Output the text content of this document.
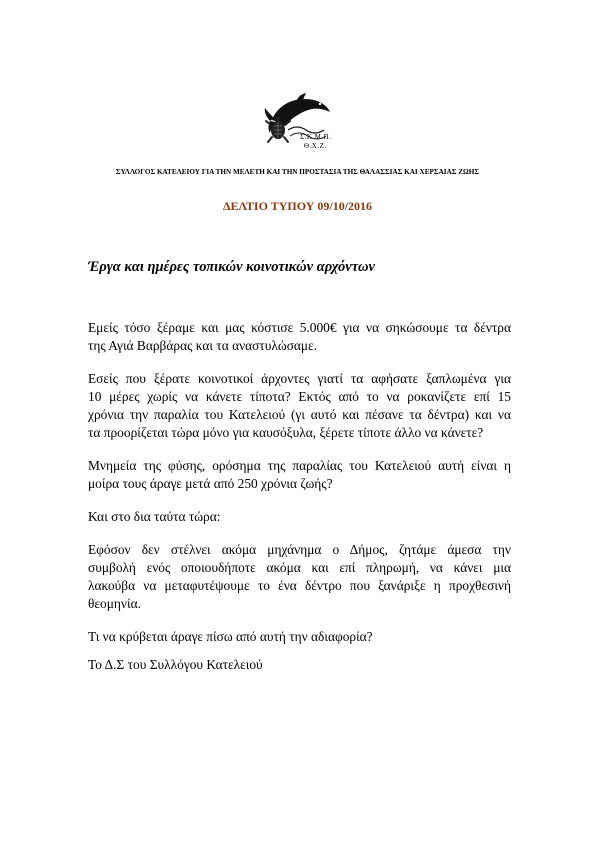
Σ.Κ.Μ.Π.
Θ.Χ.Ζ.
ΣΥΛΛΟΓΟΣ ΚΑΤΕΛΕΙΟΥ ΓΙΑ ΤΗΝ ΜΕΛΕΤΗ ΚΑΙ ΤΗΝ ΠΡΟΣΤΑΣΙΑ ΤΗΣ ΘΑΛΑΣΣΙΑΣ ΚΑΙ ΧΕΡΣΑΙΑΣ ΖΩΗΣ
ΔΕΛΤΙΟ ΤΥΠΟΥ 09/10/2016
Έργα και ημέρες τοπικών κοινοτικών αρχόντων
Εμείς τόσο ξέραμε και μας κόστισε 5.000€ για να σηκώσουμε τα δέντρα
της Αγιά Βαρβάρας και τα αναστυλώσαμε.
Εσείς που ξέρατε κοινοτικοί άρχοντες γιατί τα αφήσατε ξαπλωμένα για
10 μέρες χωρίς να κάνετε τίποτα? Εκτός από το να ροκανίζετε επί 15
χρόνια την παραλία του Κατελειού (γι αυτό και πέσανε τα δέντρα) και να
τα προορίζεται τώρα μόνο για καυσόξυλα, ξέρετε τίποτε άλλο να κάνετε?
Μνημεία της φύσης, ορόσημα της παραλίας του Κατελειού αυτή είναι η
μοίρα τους άραγε μετά από 250 χρόνια ζωής?
Και στο δια ταύτα τώρα:
Εφόσον δεν στέλνει ακόμα μηχάνημα ο Δήμος, ζητάμε άμεσα την
συμβολή ενός οποιουδήποτε ακόμα και επί πληρωμή, να κάνει μια
λακούβα να μεταφυτέψουμε το ένα δέντρο που ξανάριξε η προχθεσινή
θεομηνία.
Τι να κρύβεται άραγε πίσω από αυτή την αδιαφορία?
Το Δ.Σ του Συλλόγου Κατελειού
